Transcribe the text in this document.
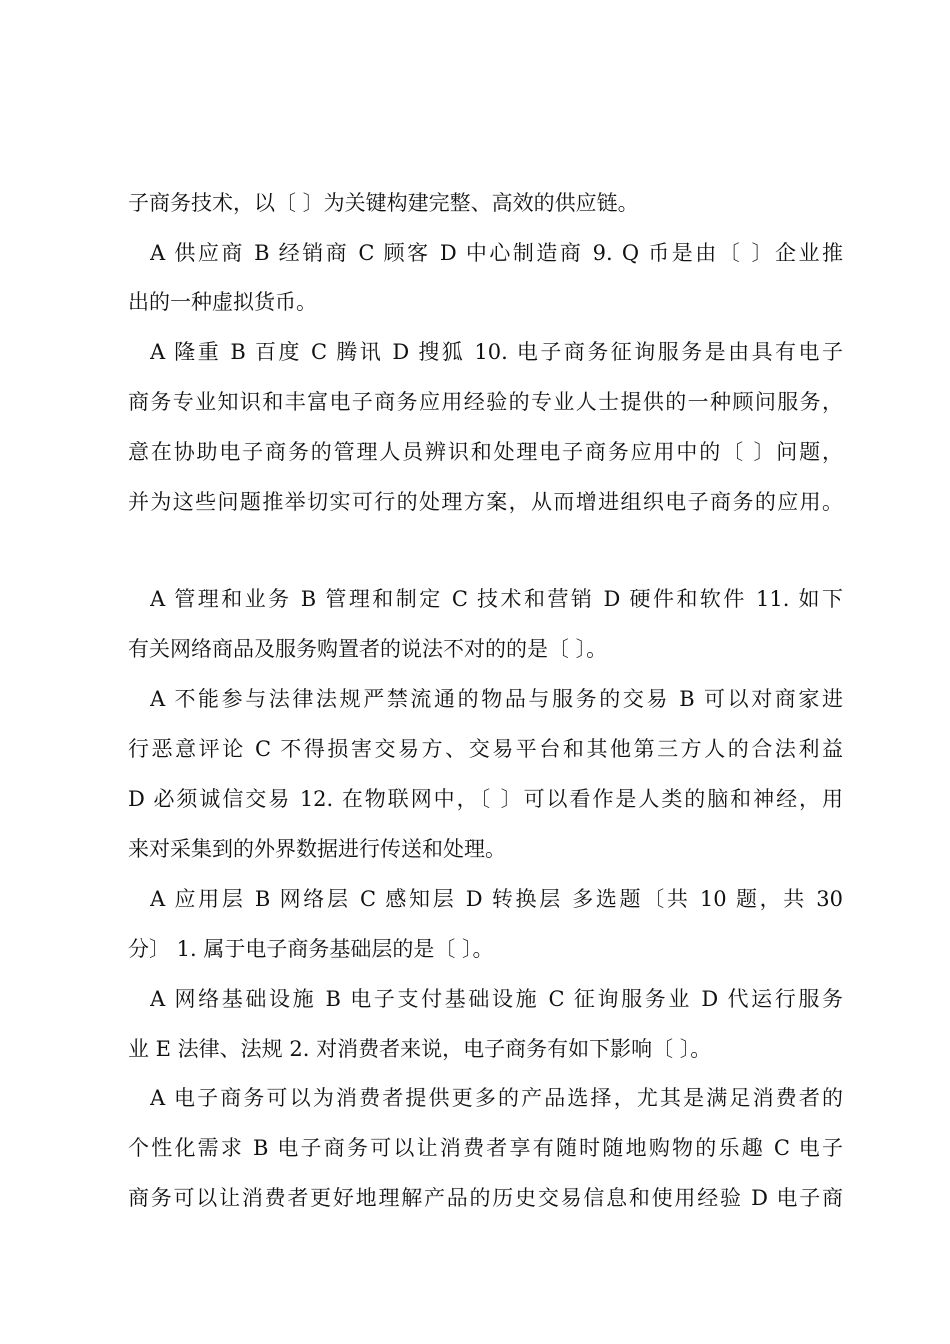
子商务技术，以〔 〕为关键构建完整、高效的供应链。
A 供应商 B 经销商 C 顾客 D 中心制造商 9. Q 币是由〔 〕企业推
出的一种虚拟货币。
A 隆重 B 百度 C 腾讯 D 搜狐 10. 电子商务征询服务是由具有电子
商务专业知识和丰富电子商务应用经验的专业人士提供的一种顾问服务，
意在协助电子商务的管理人员辨识和处理电子商务应用中的〔 〕问题，
并为这些问题推举切实可行的处理方案，从而增进组织电子商务的应用。
A 管理和业务 B 管理和制定 C 技术和营销 D 硬件和软件 11. 如下
有关网络商品及服务购置者的说法不对的的是〔 〕。
A 不能参与法律法规严禁流通的物品与服务的交易 B 可以对商家进
行恶意评论 C 不得损害交易方、交易平台和其他第三方人的合法利益
D 必须诚信交易 12. 在物联网中，〔 〕可以看作是人类的脑和神经，用
来对采集到的外界数据进行传送和处理。
A 应用层 B 网络层 C 感知层 D 转换层 多选题〔共 10 题，共 30
分〕 1. 属于电子商务基础层的是〔 〕。
A 网络基础设施 B 电子支付基础设施 C 征询服务业 D 代运行服务
业 E 法律、法规 2. 对消费者来说，电子商务有如下影响〔 〕。
A 电子商务可以为消费者提供更多的产品选择，尤其是满足消费者的
个性化需求 B 电子商务可以让消费者享有随时随地购物的乐趣 C 电子
商务可以让消费者更好地理解产品的历史交易信息和使用经验 D 电子商
